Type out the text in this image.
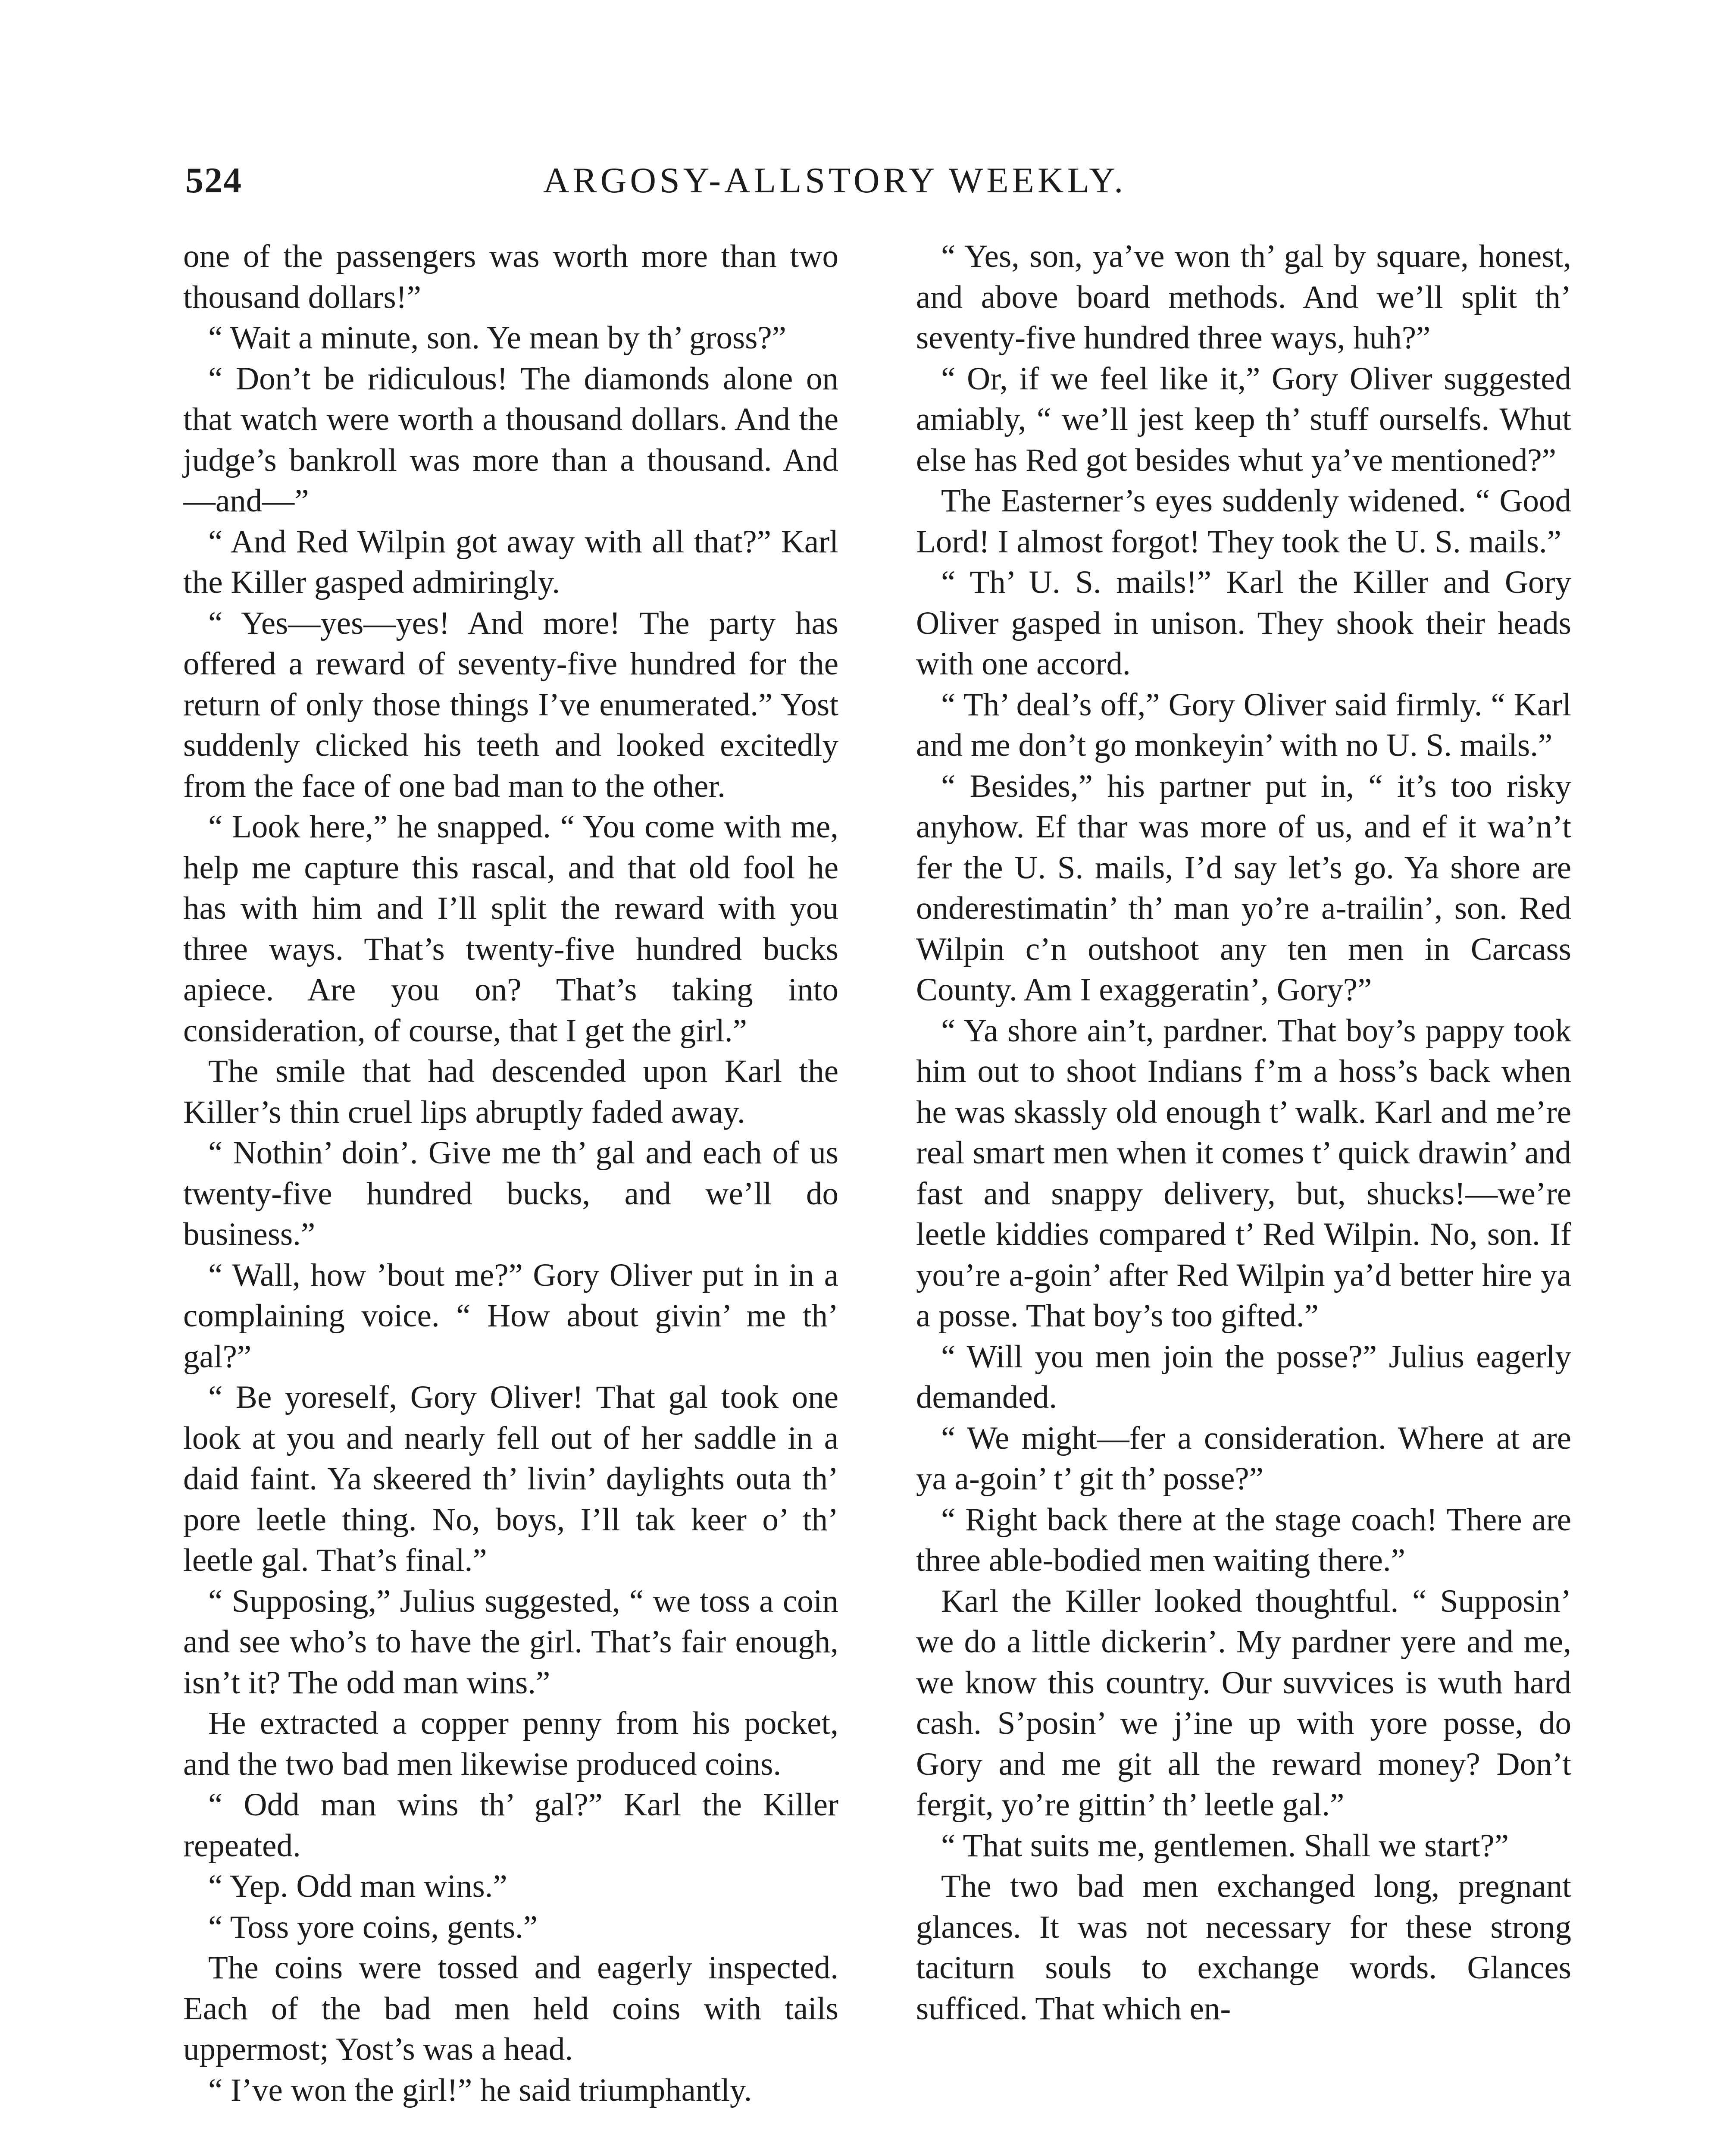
524	ARGOSY-ALLSTORY WEEKLY.

one of the passengers was worth more than two thousand dollars!”

“ Wait a minute, son. Ye mean by th’ gross?”

“ Don’t be ridiculous! The diamonds alone on that watch were worth a thousand dollars. And the judge’s bankroll was more than a thousand. And—and—”

“ And Red Wilpin got away with all that?” Karl the Killer gasped admiringly.

“ Yes—yes—yes! And more! The party has offered a reward of seventy-five hundred for the return of only those things I’ve enumerated.” Yost suddenly clicked his teeth and looked excitedly from the face of one bad man to the other.

“ Look here,” he snapped. “ You come with me, help me capture this rascal, and that old fool he has with him and I’ll split the reward with you three ways. That’s twenty-five hundred bucks apiece. Are you on? That’s taking into consideration, of course, that I get the girl.”

The smile that had descended upon Karl the Killer’s thin cruel lips abruptly faded away.

“ Nothin’ doin’. Give me th’ gal and each of us twenty-five hundred bucks, and we’ll do business.”

“ Wall, how ’bout me?” Gory Oliver put in in a complaining voice. “ How about givin’ me th’ gal?”

“ Be yoreself, Gory Oliver! That gal took one look at you and nearly fell out of her saddle in a daid faint. Ya skeered th’ livin’ daylights outa th’ pore leetle thing. No, boys, I’ll tak keer o’ th’ leetle gal. That’s final.”

“ Supposing,” Julius suggested, “ we toss a coin and see who’s to have the girl. That’s fair enough, isn’t it? The odd man wins.”

He extracted a copper penny from his pocket, and the two bad men likewise produced coins.

“ Odd man wins th’ gal?” Karl the Killer repeated.

“ Yep. Odd man wins.”

“ Toss yore coins, gents.”

The coins were tossed and eagerly inspected. Each of the bad men held coins with tails uppermost; Yost’s was a head.

“ I’ve won the girl!” he said triumphantly.

“ Yes, son, ya’ve won th’ gal by square, honest, and above board methods. And we’ll split th’ seventy-five hundred three ways, huh?”

“ Or, if we feel like it,” Gory Oliver suggested amiably, “ we’ll jest keep th’ stuff ourselfs. Whut else has Red got besides whut ya’ve mentioned?”

The Easterner’s eyes suddenly widened. “ Good Lord! I almost forgot! They took the U. S. mails.”

“ Th’ U. S. mails!” Karl the Killer and Gory Oliver gasped in unison. They shook their heads with one accord.

“ Th’ deal’s off,” Gory Oliver said firmly. “ Karl and me don’t go monkeyin’ with no U. S. mails.”

“ Besides,” his partner put in, “ it’s too risky anyhow. Ef thar was more of us, and ef it wa’n’t fer the U. S. mails, I’d say let’s go. Ya shore are onderestimatin’ th’ man yo’re a-trailin’, son. Red Wilpin c’n outshoot any ten men in Carcass County. Am I exaggeratin’, Gory?”

“ Ya shore ain’t, pardner. That boy’s pappy took him out to shoot Indians f’m a hoss’s back when he was skassly old enough t’ walk. Karl and me’re real smart men when it comes t’ quick drawin’ and fast and snappy delivery, but, shucks!—we’re leetle kiddies compared t’ Red Wilpin. No, son. If you’re a-goin’ after Red Wilpin ya’d better hire ya a posse. That boy’s too gifted.”

“ Will you men join the posse?” Julius eagerly demanded.

“ We might—fer a consideration. Where at are ya a-goin’ t’ git th’ posse?”

“ Right back there at the stage coach! There are three able-bodied men waiting there.”

Karl the Killer looked thoughtful. “ Supposin’ we do a little dickerin’. My pardner yere and me, we know this country. Our suvvices is wuth hard cash. S’posin’ we j’ine up with yore posse, do Gory and me git all the reward money? Don’t fergit, yo’re gittin’ th’ leetle gal.”

“ That suits me, gentlemen. Shall we start?”

The two bad men exchanged long, pregnant glances. It was not necessary for these strong taciturn souls to exchange words. Glances sufficed. That which en-
